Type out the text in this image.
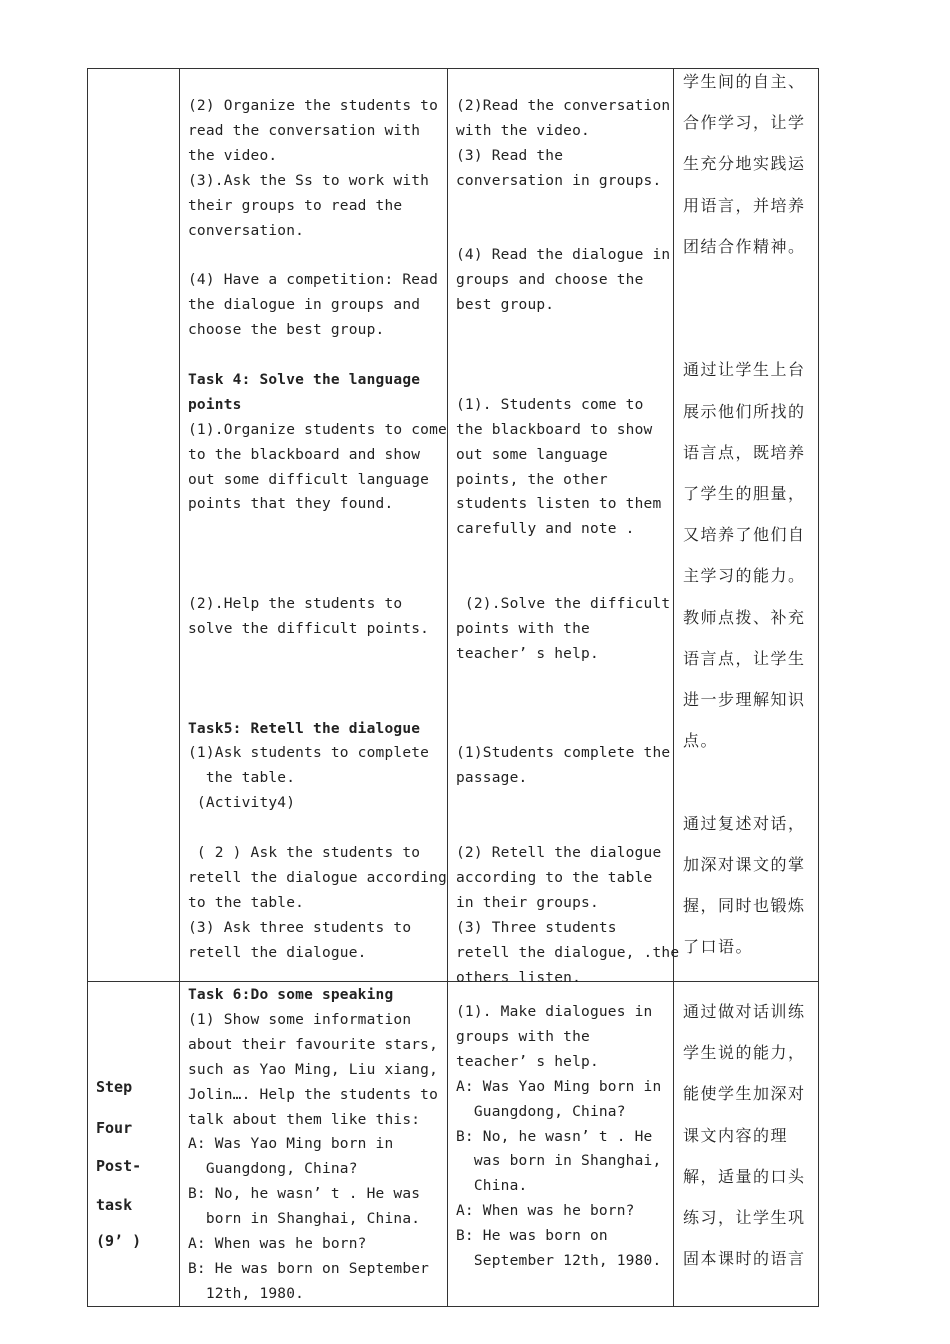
(2) Organize the students to
read the conversation with
the video.
(3).Ask the Ss to work with
their groups to read the
conversation.
(4) Have a competition: Read
the dialogue in groups and
choose the best group.
Task 4: Solve the language
points
(1).Organize students to come
to the blackboard and show
out some difficult language
points that they found.
(2).Help the students to
solve the difficult points.
Task5: Retell the dialogue
(1)Ask students to complete
the table.
(Activity4)
( 2 ) Ask the students to
retell the dialogue according
to the table.
(3) Ask three students to
retell the dialogue.
(2)Read the conversation
with the video.
(3) Read the
conversation in groups.
(4) Read the dialogue in
groups and choose the
best group.
(1). Students come to
the blackboard to show
out some language
points, the other
students listen to them
carefully and note .
(2).Solve the difficult
points with the
teacher’ s help.
(1)Students complete the
passage.
(2) Retell the dialogue
according to the table
in their groups.
(3) Three students
retell the dialogue, .the
others listen.
学生间的自主、
合作学习，让学
生充分地实践运
用语言，并培养
团结合作精神。
通过让学生上台
展示他们所找的
语言点，既培养
了学生的胆量，
又培养了他们自
主学习的能力。
教师点拨、补充
语言点，让学生
进一步理解知识
点。
通过复述对话，
加深对课文的掌
握，同时也锻炼
了口语。
Step
Four
Post-
task
(9’ )
Task 6:Do some speaking
(1) Show some information
about their favourite stars,
such as Yao Ming, Liu xiang,
Jolin…. Help the students to
talk about them like this:
A: Was Yao Ming born in
Guangdong, China?
B: No, he wasn’ t . He was
born in Shanghai, China.
A: When was he born?
B: He was born on September
12th, 1980.
(1). Make dialogues in
groups with the
teacher’ s help.
A: Was Yao Ming born in
Guangdong, China?
B: No, he wasn’ t . He
was born in Shanghai,
China.
A: When was he born?
B: He was born on
September 12th, 1980.
通过做对话训练
学生说的能力，
能使学生加深对
课文内容的理
解，适量的口头
练习，让学生巩
固本课时的语言
